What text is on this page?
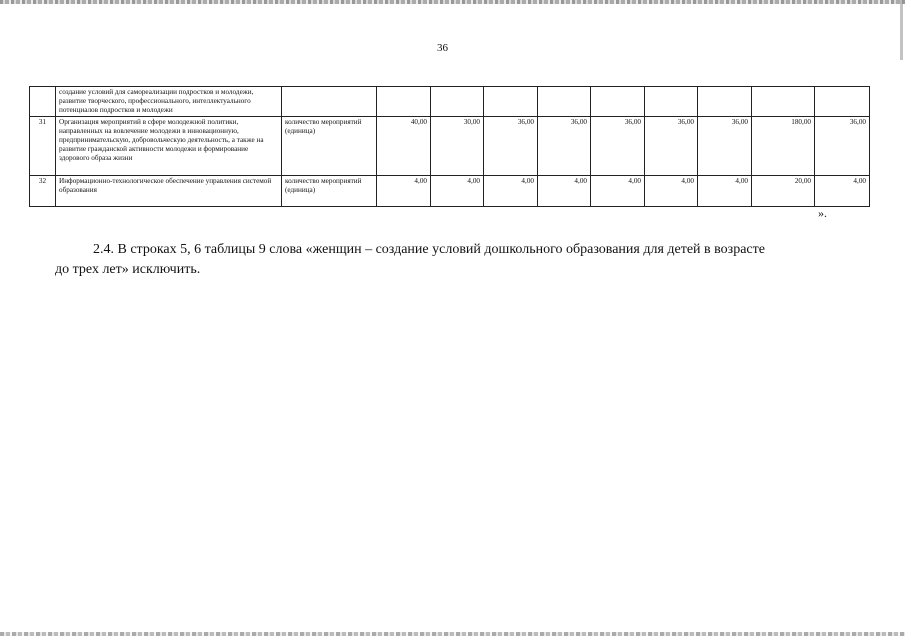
36
	создание условий для самореализации подростков и молодежи, развитие творческого, профессионального, интеллектуального потенциалов подростков и молодежи										
31	Организация мероприятий в сфере молодежной политики, направленных на вовлечение молодежи в инновационную, предпринимательскую, добровольческую деятельность, а также на развитие гражданской активности молодежи и формирование здорового образа жизни	количество мероприятий (единица)	40,00	30,00	36,00	36,00	36,00	36,00	36,00	180,00	36,00
32	Информационно-технологическое обеспечение управления системой образования	количество мероприятий (единица)	4,00	4,00	4,00	4,00	4,00	4,00	4,00	20,00	4,00
».
2.4. В строках 5, 6 таблицы 9 слова «женщин – создание условий дошкольного образования для детей в возрасте
до трех лет» исключить.
